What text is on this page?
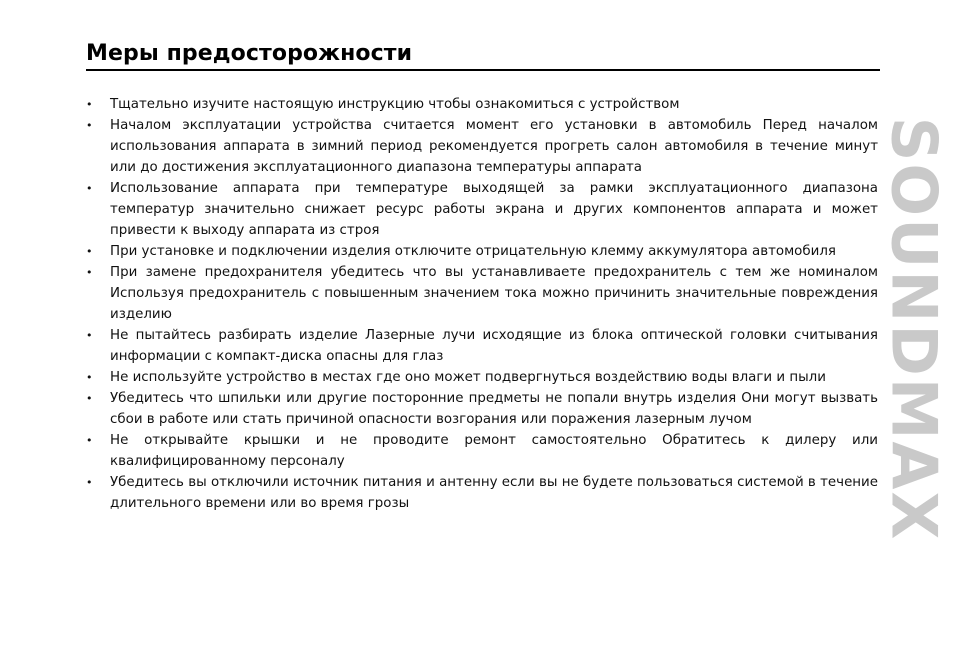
Меры предосторожности
•	Тщательно изучите настоящую инструкцию чтобы ознакомиться с устройством
•	Началом эксплуатации устройства считается момент его установки в автомобиль Перед началом использования аппарата в зимний период рекомендуется прогреть салон автомобиля в течение минут или до достижения эксплуатационного диапазона температуры аппарата
•	Использование аппарата при температуре выходящей за рамки эксплуатационного диапазона температур значительно снижает ресурс работы экрана и других компонентов аппарата и может привести к выходу аппарата из строя
•	При установке и подключении изделия отключите отрицательную клемму аккумулятора автомобиля
•	При замене предохранителя убедитесь что вы устанавливаете предохранитель с тем же номиналом Используя предохранитель с повышенным значением тока можно причинить значительные повреждения изделию
•	Не пытайтесь разбирать изделие Лазерные лучи исходящие из блока оптической головки считывания информации с компакт-диска опасны для глаз
•	Не используйте устройство в местах где оно может подвергнуться воздействию воды влаги и пыли
•	Убедитесь что шпильки или другие посторонние предметы не попали внутрь изделия Они могут вызвать сбои в работе или стать причиной опасности возгорания или поражения лазерным лучом
•	Не открывайте крышки и не проводите ремонт самостоятельно Обратитесь к дилеру или квалифицированному персоналу
•	Убедитесь вы отключили источник питания и антенну если вы не будете пользоваться системой в течение длительного времени или во время грозы	SOUNDMAX
